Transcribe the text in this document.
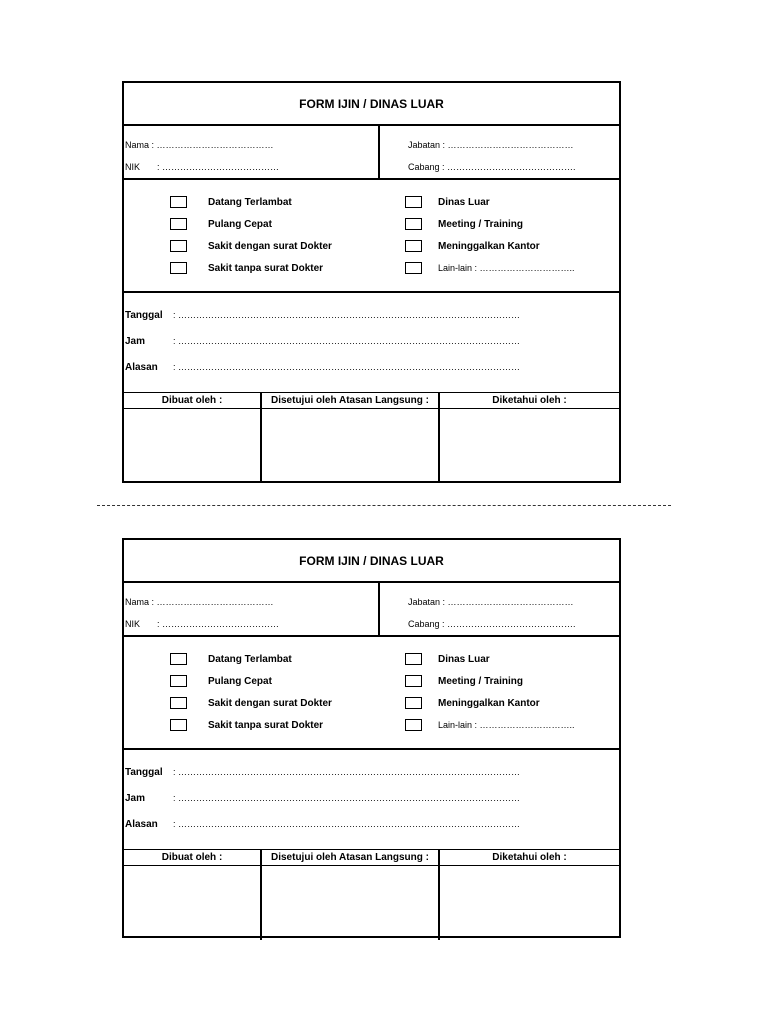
FORM IJIN / DINAS LUAR
Nama : …………………………………
NIK : …………………………………
Jabatan : ……………………………………
Cabang : …………………………………….
Datang Terlambat
Pulang Cepat
Sakit dengan surat Dokter
Sakit tanpa surat Dokter
Dinas Luar
Meeting / Training
Meninggalkan Kantor
Lain-lain : …………………………..
Tanggal	: ……………………………………………………………………………………………………
Jam	: ……………………………………………………………………………………………………
Alasan	: ……………………………………………………………………………………………………
Dibuat oleh :	Disetujui oleh Atasan Langsung :	Diketahui oleh :
FORM IJIN / DINAS LUAR
Nama : …………………………………
NIK : …………………………………
Jabatan : ……………………………………
Cabang : …………………………………….
Datang Terlambat
Pulang Cepat
Sakit dengan surat Dokter
Sakit tanpa surat Dokter
Dinas Luar
Meeting / Training
Meninggalkan Kantor
Lain-lain : …………………………..
Tanggal	: ……………………………………………………………………………………………………
Jam	: ……………………………………………………………………………………………………
Alasan	: ……………………………………………………………………………………………………
Dibuat oleh :	Disetujui oleh Atasan Langsung :	Diketahui oleh :
